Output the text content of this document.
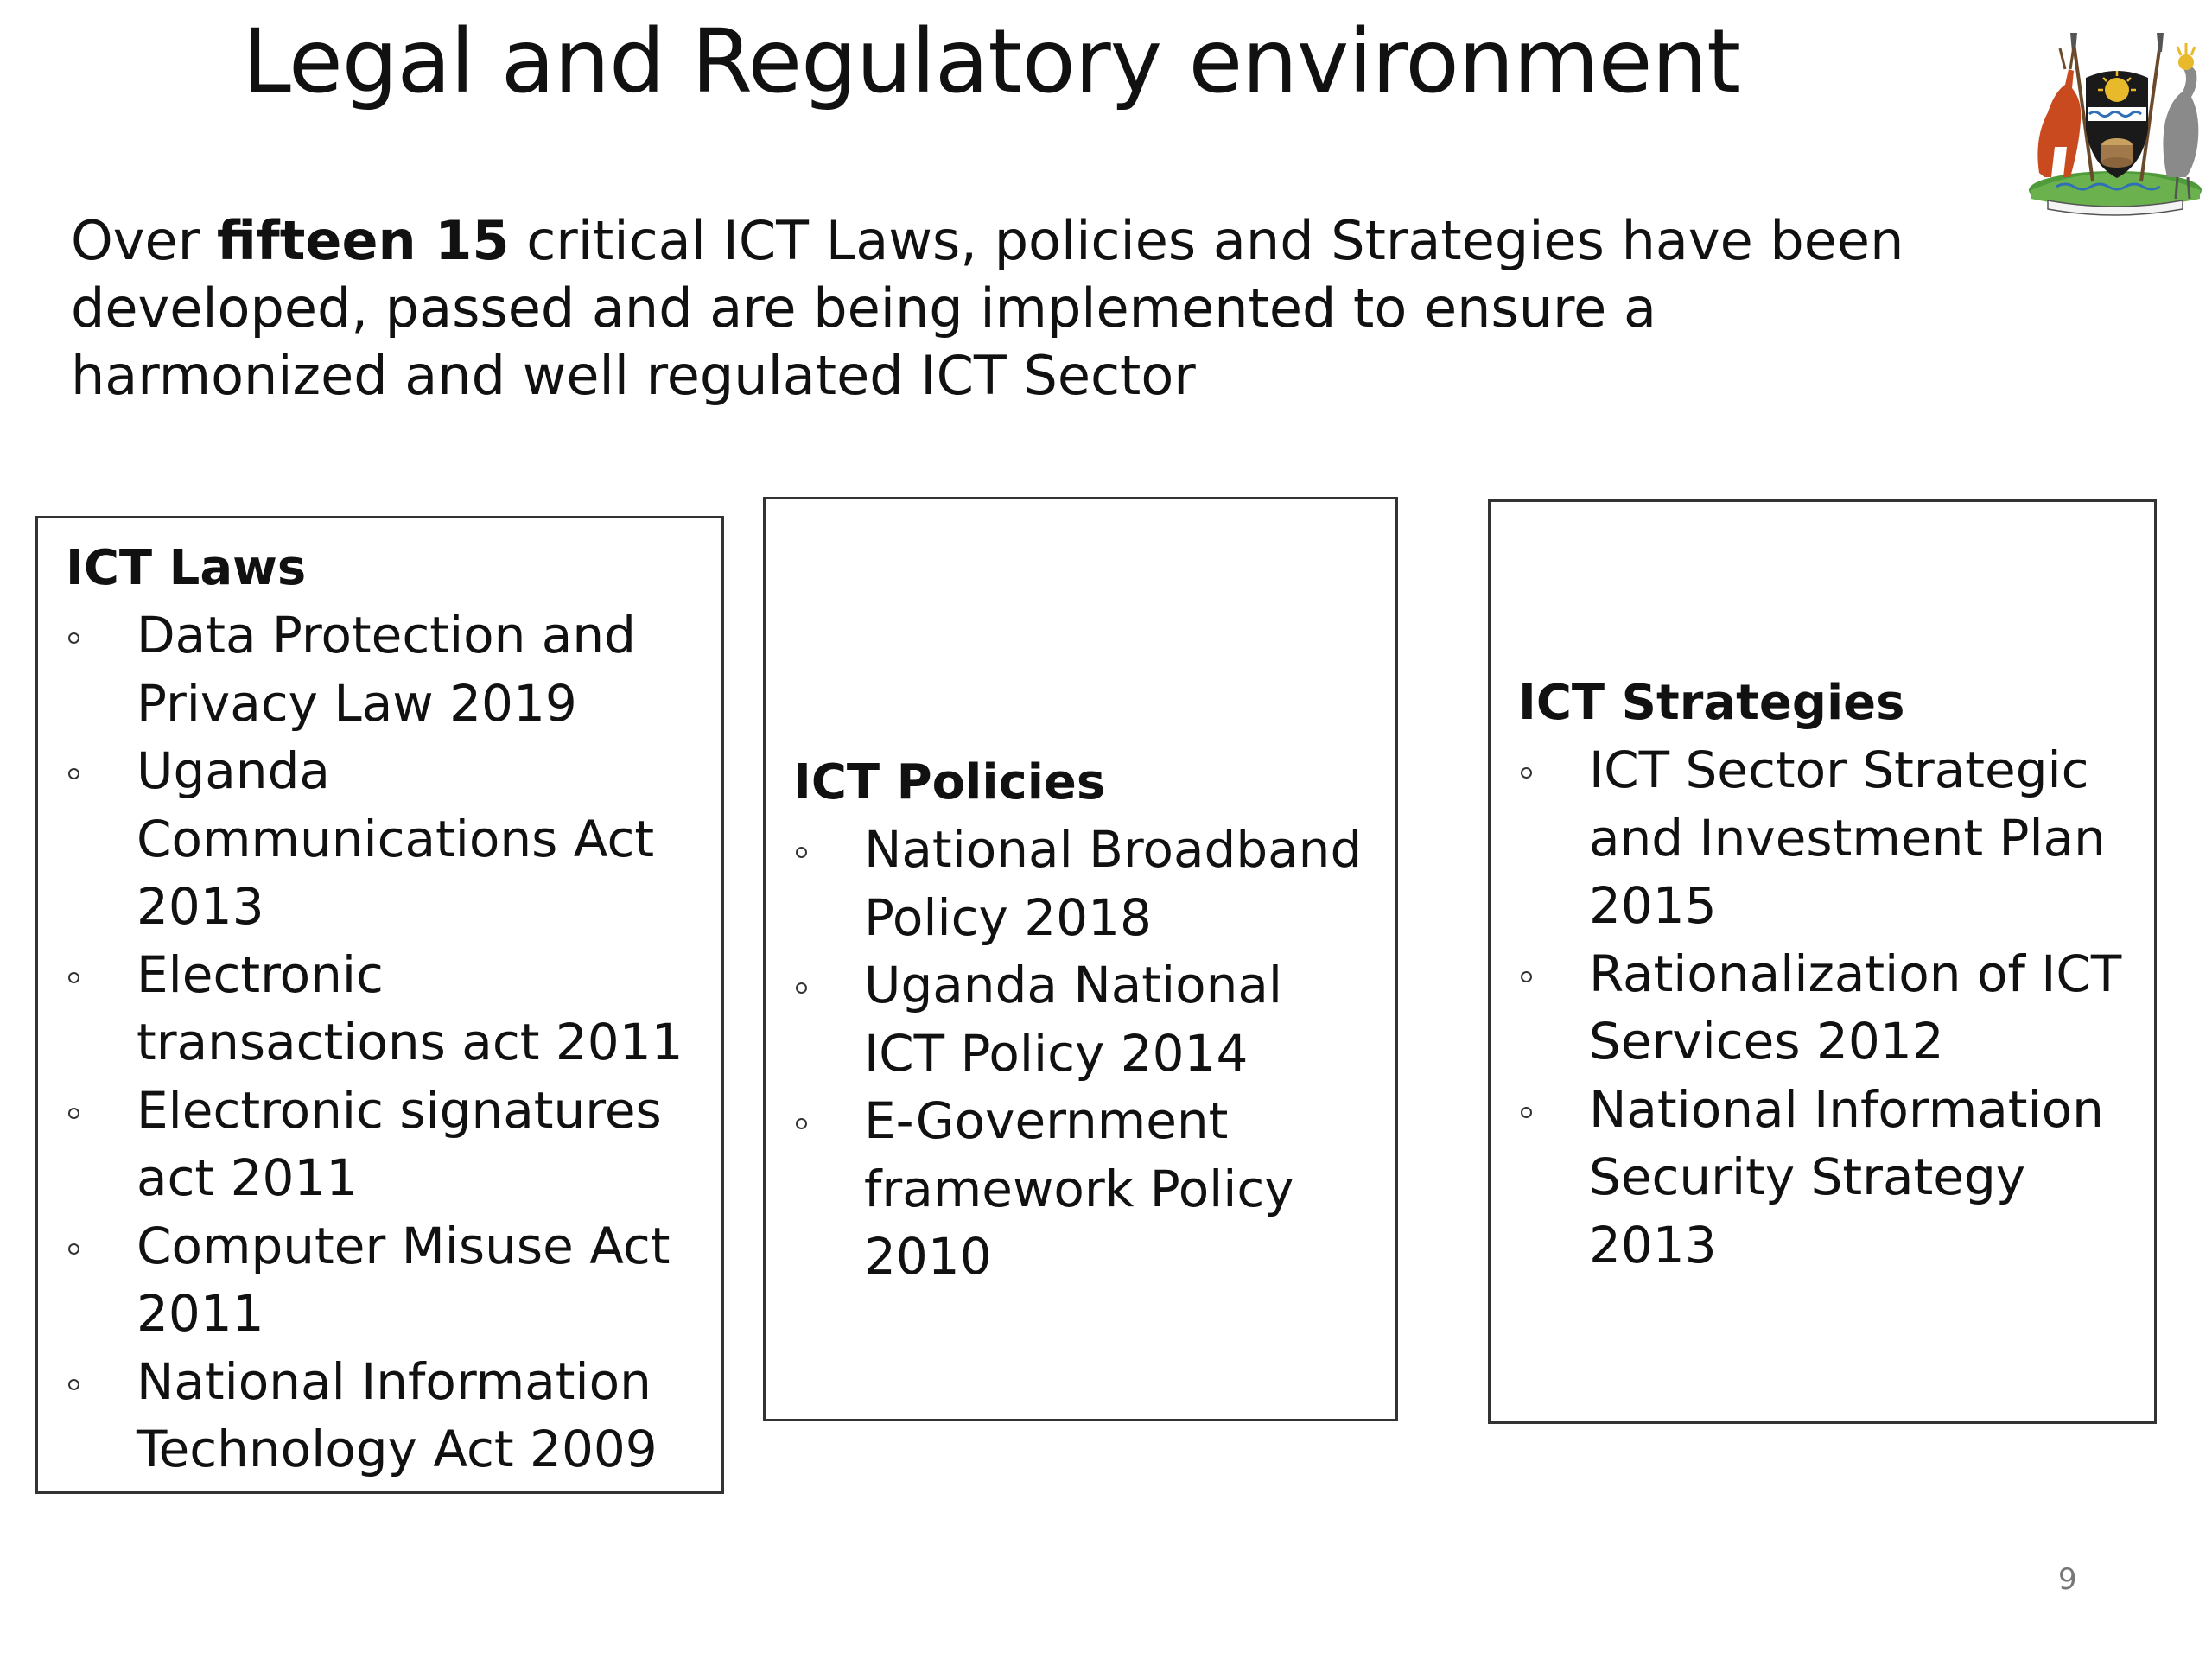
Legal and Regulatory environment

Over fifteen 15 critical ICT Laws, policies and Strategies have been developed, passed and are being implemented to ensure a harmonized and well regulated ICT Sector

ICT Laws

Data Protection and Privacy Law 2019
Uganda Communications Act 2013
Electronic transactions act 2011
Electronic signatures act 2011
Computer Misuse Act 2011
National Information Technology Act 2009

ICT Policies

National Broadband Policy 2018
Uganda National ICT Policy 2014
E-Government framework Policy 2010

ICT Strategies

ICT Sector Strategic and Investment Plan 2015
Rationalization of ICT Services 2012
National Information Security Strategy 2013
9
